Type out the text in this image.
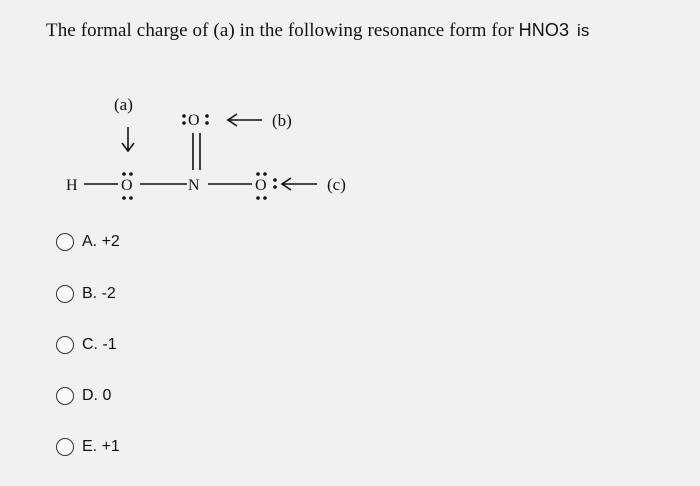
The formal charge of (a) in the following resonance form for HNO3 is
(a)
O	(b)
H	O	N	O	(c)
A. +2
B. -2
C. -1
D. 0
E. +1
